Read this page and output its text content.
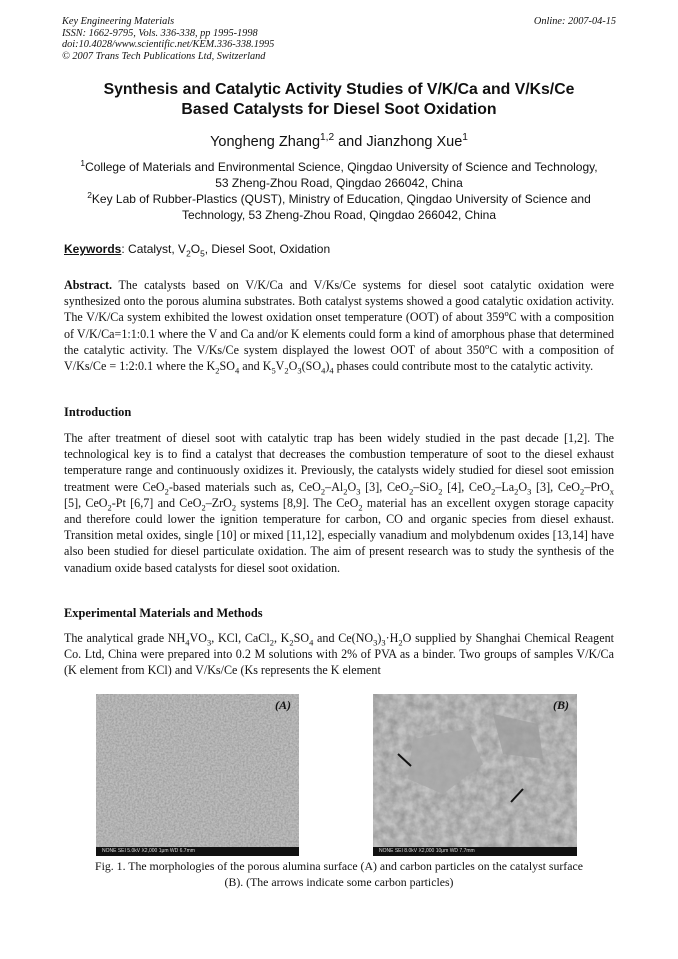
Key Engineering Materials
ISSN: 1662-9795, Vols. 336-338, pp 1995-1998
doi:10.4028/www.scientific.net/KEM.336-338.1995
© 2007 Trans Tech Publications Ltd, Switzerland
Online: 2007-04-15
Synthesis and Catalytic Activity Studies of V/K/Ca and V/Ks/Ce
Based Catalysts for Diesel Soot Oxidation
Yongheng Zhang$^{1,2}$ and Jianzhong Xue$^1$
$^1$College of Materials and Environmental Science, Qingdao University of Science and Technology,
53 Zheng-Zhou Road, Qingdao 266042, China
$^2$Key Lab of Rubber-Plastics (QUST), Ministry of Education, Qingdao University of Science and
Technology, 53 Zheng-Zhou Road, Qingdao 266042, China
Keywords: Catalyst, $V_2O_5$, Diesel Soot, Oxidation
Abstract. The catalysts based on V/K/Ca and V/Ks/Ce systems for diesel soot catalytic oxidation were synthesized onto the porous alumina substrates. Both catalyst systems showed a good catalytic oxidation activity. The V/K/Ca system exhibited the lowest oxidation onset temperature (OOT) of about 359$^o$C with a composition of V/K/Ca=1:1:0.1 where the V and Ca and/or K elements could form a kind of amorphous phase that determined the catalytic activity. The V/Ks/Ce system displayed the lowest OOT of about 350$^o$C with a composition of V/Ks/Ce = 1:2:0.1 where the $K_2SO_4$ and $K_5V_2O_3(SO_4)_4$ phases could contribute most to the catalytic activity.
Introduction
The after treatment of diesel soot with catalytic trap has been widely studied in the past decade [1,2]. The technological key is to find a catalyst that decreases the combustion temperature of soot to the diesel exhaust temperature range and continuously oxidizes it. Previously, the catalysts widely studied for diesel soot emission treatment were CeO$_2$-based materials such as, $CeO_2-Al_2O_3$ [3], CeO$_2$–SiO$_2$ [4], $CeO_2-La_2O_3$ [3], CeO$_2$–PrO$_x$ [5], CeO$_2$-Pt [6,7] and CeO$_2$–ZrO$_2$ systems [8,9]. The CeO$_2$ material has an excellent oxygen storage capacity and therefore could lower the ignition temperature for carbon, CO and organic species from diesel exhaust. Transition metal oxides, single [10] or mixed [11,12], especially vanadium and molybdenum oxides [13,14] have also been studied for diesel particulate oxidation. The aim of present research was to study the synthesis of the vanadium oxide based catalysts for diesel soot oxidation.
Experimental Materials and Methods
The analytical grade $NH_4VO_3$, KCl, CaCl$_2$, $K_2SO_4$ and $Ce(NO_3)_3\cdot H_2O$ supplied by Shanghai Chemical Reagent Co. Ltd, China were prepared into 0.2 M solutions with 2% of PVA as a binder. Two groups of samples V/K/Ca (K element from KCl) and V/Ks/Ce (Ks represents the K element
(A)
NONE SEI 5.0kV X2,000 1μm WD 6.7mm
(B)
NONE SEI 8.0kV X2,000 10μm WD 7.7mm
Fig. 1. The morphologies of the porous alumina surface (A) and carbon particles on the catalyst surface
(B). (The arrows indicate some carbon particles)
